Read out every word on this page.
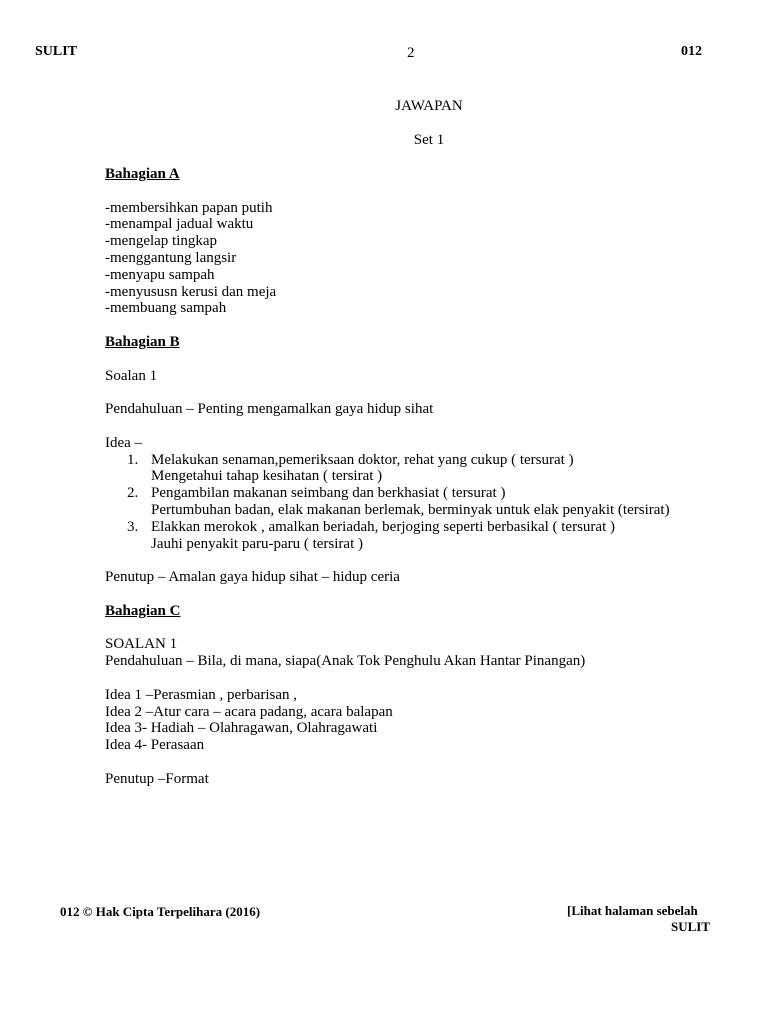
SULIT	2	012
JAWAPAN
Set 1
Bahagian A
-membersihkan papan putih
-menampal jadual waktu
-mengelap tingkap
-menggantung langsir
-menyapu sampah
-menyususn kerusi dan meja
-membuang sampah
Bahagian B
Soalan 1
Pendahuluan – Penting mengamalkan gaya hidup sihat
Idea –
1. Melakukan senaman,pemeriksaan doktor, rehat yang cukup ( tersurat )
Mengetahui tahap kesihatan ( tersirat )
2. Pengambilan makanan seimbang dan berkhasiat ( tersurat )
Pertumbuhan badan, elak makanan berlemak, berminyak untuk elak penyakit (tersirat)
3. Elakkan merokok , amalkan beriadah, berjoging seperti berbasikal ( tersurat )
Jauhi penyakit paru-paru ( tersirat )
Penutup – Amalan gaya hidup sihat – hidup ceria
Bahagian C
SOALAN 1
Pendahuluan – Bila, di mana, siapa(Anak Tok Penghulu Akan Hantar Pinangan)
Idea 1 –Perasmian , perbarisan ,
Idea 2 –Atur cara – acara padang, acara balapan
Idea 3- Hadiah – Olahragawan, Olahragawati
Idea 4- Perasaan
Penutup –Format
012 © Hak Cipta Terpelihara (2016)	[Lihat halaman sebelah
SULIT
